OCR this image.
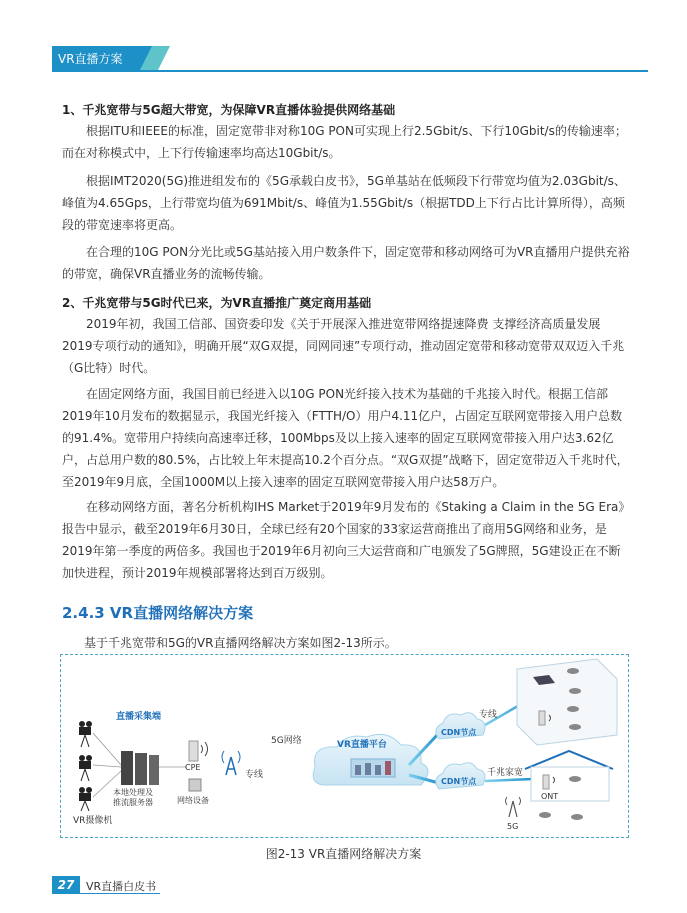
VR直播方案
1、千兆宽带与5G超大带宽，为保障VR直播体验提供网络基础
根据ITU和IEEE的标准，固定宽带非对称10G PON可实现上行2.5Gbit/s、下行10Gbit/s的传输速率；而在对称模式中，上下行传输速率均高达10Gbit/s。
根据IMT2020(5G)推进组发布的《5G承载白皮书》，5G单基站在低频段下行带宽均值为2.03Gbit/s、峰值为4.65Gps，上行带宽均值为691Mbit/s、峰值为1.55Gbit/s（根据TDD上下行占比计算所得），高频段的带宽速率将更高。
在合理的10G PON分光比或5G基站接入用户数条件下，固定宽带和移动网络可为VR直播用户提供充裕的带宽，确保VR直播业务的流畅传输。
2、千兆宽带与5G时代已来，为VR直播推广奠定商用基础
2019年初，我国工信部、国资委印发《关于开展深入推进宽带网络提速降费 支撑经济高质量发展2019专项行动的通知》，明确开展“双G双提，同网同速”专项行动，推动固定宽带和移动宽带双双迈入千兆（G比特）时代。
在固定网络方面，我国目前已经进入以10G PON光纤接入技术为基础的千兆接入时代。根据工信部2019年10月发布的数据显示，我国光纤接入（FTTH/O）用户4.11亿户，占固定互联网宽带接入用户总数的91.4%。宽带用户持续向高速率迁移，100Mbps及以上接入速率的固定互联网宽带接入用户达3.62亿户，占总用户数的80.5%，占比较上年末提高10.2个百分点。“双G双提”战略下，固定宽带迈入千兆时代，至2019年9月底，全国1000M以上接入速率的固定互联网宽带接入用户达58万户。
在移动网络方面，著名分析机构IHS Market于2019年9月发布的《Staking a Claim in the 5G Era》报告中显示，截至2019年6月30日，全球已经有20个国家的33家运营商推出了商用5G网络和业务，是2019年第一季度的两倍多。我国也于2019年6月初向三大运营商和广电颁发了5G牌照，5G建设正在不断加快进程，预计2019年规模部署将达到百万级别。
2.4.3 VR直播网络解决方案
基于千兆宽带和5G的VR直播网络解决方案如图2-13所示。
直播采集端
VR摄像机
本地处理及推流服务器
CPE
网络设备
5G网络
专线
VR直播平台
CDN节点
CDN节点
专线
千兆家宽
ONT
5G
图2-13 VR直播网络解决方案
27	VR直播白皮书
